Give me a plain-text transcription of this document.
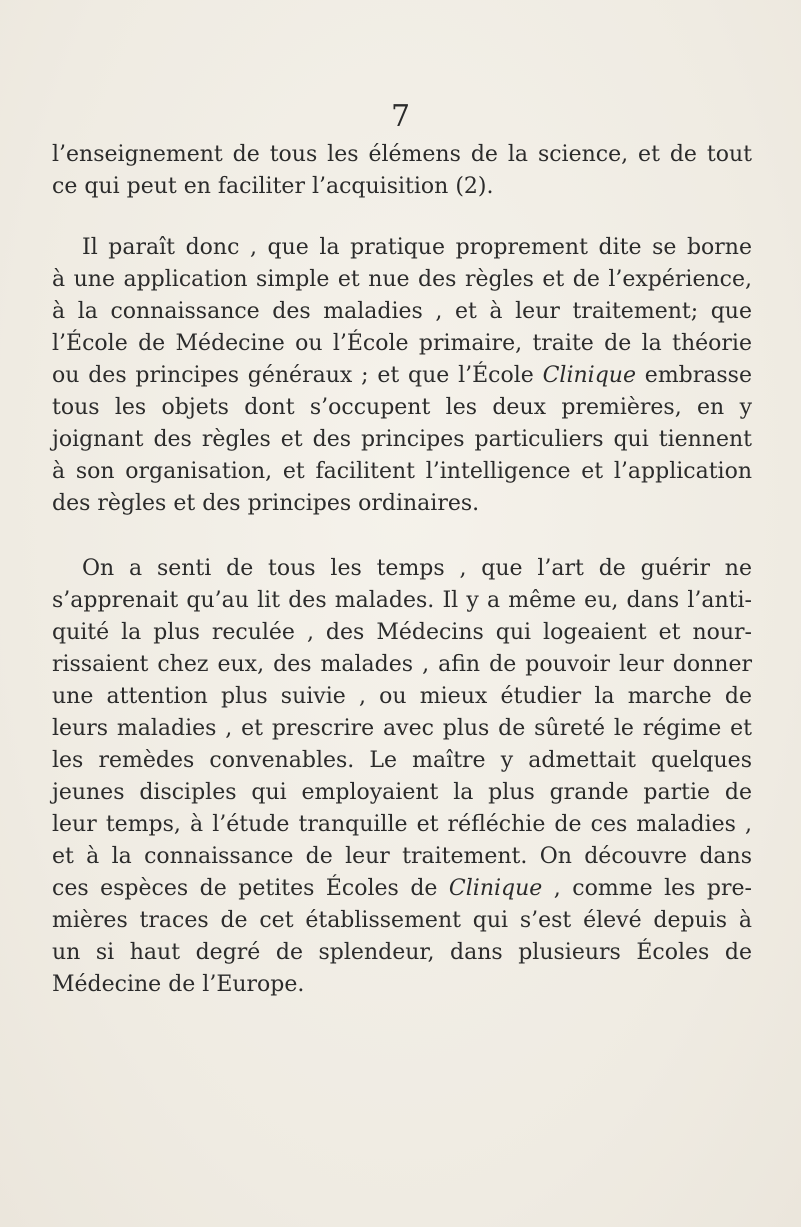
7
l’enseignement de tous les élémens de la science, et de tout
ce qui peut en faciliter l’acquisition (2).
Il paraît donc , que la pratique proprement dite se borne
à une application simple et nue des règles et de l’expérience,
à la connaissance des maladies , et à leur traitement; que
l’École de Médecine ou l’École primaire, traite de la théorie
ou des principes généraux ; et que l’École Clinique embrasse
tous les objets dont s’occupent les deux premières, en y
joignant des règles et des principes particuliers qui tiennent
à son organisation, et facilitent l’intelligence et l’application
des règles et des principes ordinaires.
On a senti de tous les temps , que l’art de guérir ne
s’apprenait qu’au lit des malades. Il y a même eu, dans l’anti-
quité la plus reculée , des Médecins qui logeaient et nour-
rissaient chez eux, des malades , afin de pouvoir leur donner
une attention plus suivie , ou mieux étudier la marche de
leurs maladies , et prescrire avec plus de sûreté le régime et
les remèdes convenables. Le maître y admettait quelques
jeunes disciples qui employaient la plus grande partie de
leur temps, à l’étude tranquille et réfléchie de ces maladies ,
et à la connaissance de leur traitement. On découvre dans
ces espèces de petites Écoles de Clinique , comme les pre-
mières traces de cet établissement qui s’est élevé depuis à
un si haut degré de splendeur, dans plusieurs Écoles de
Médecine de l’Europe.
